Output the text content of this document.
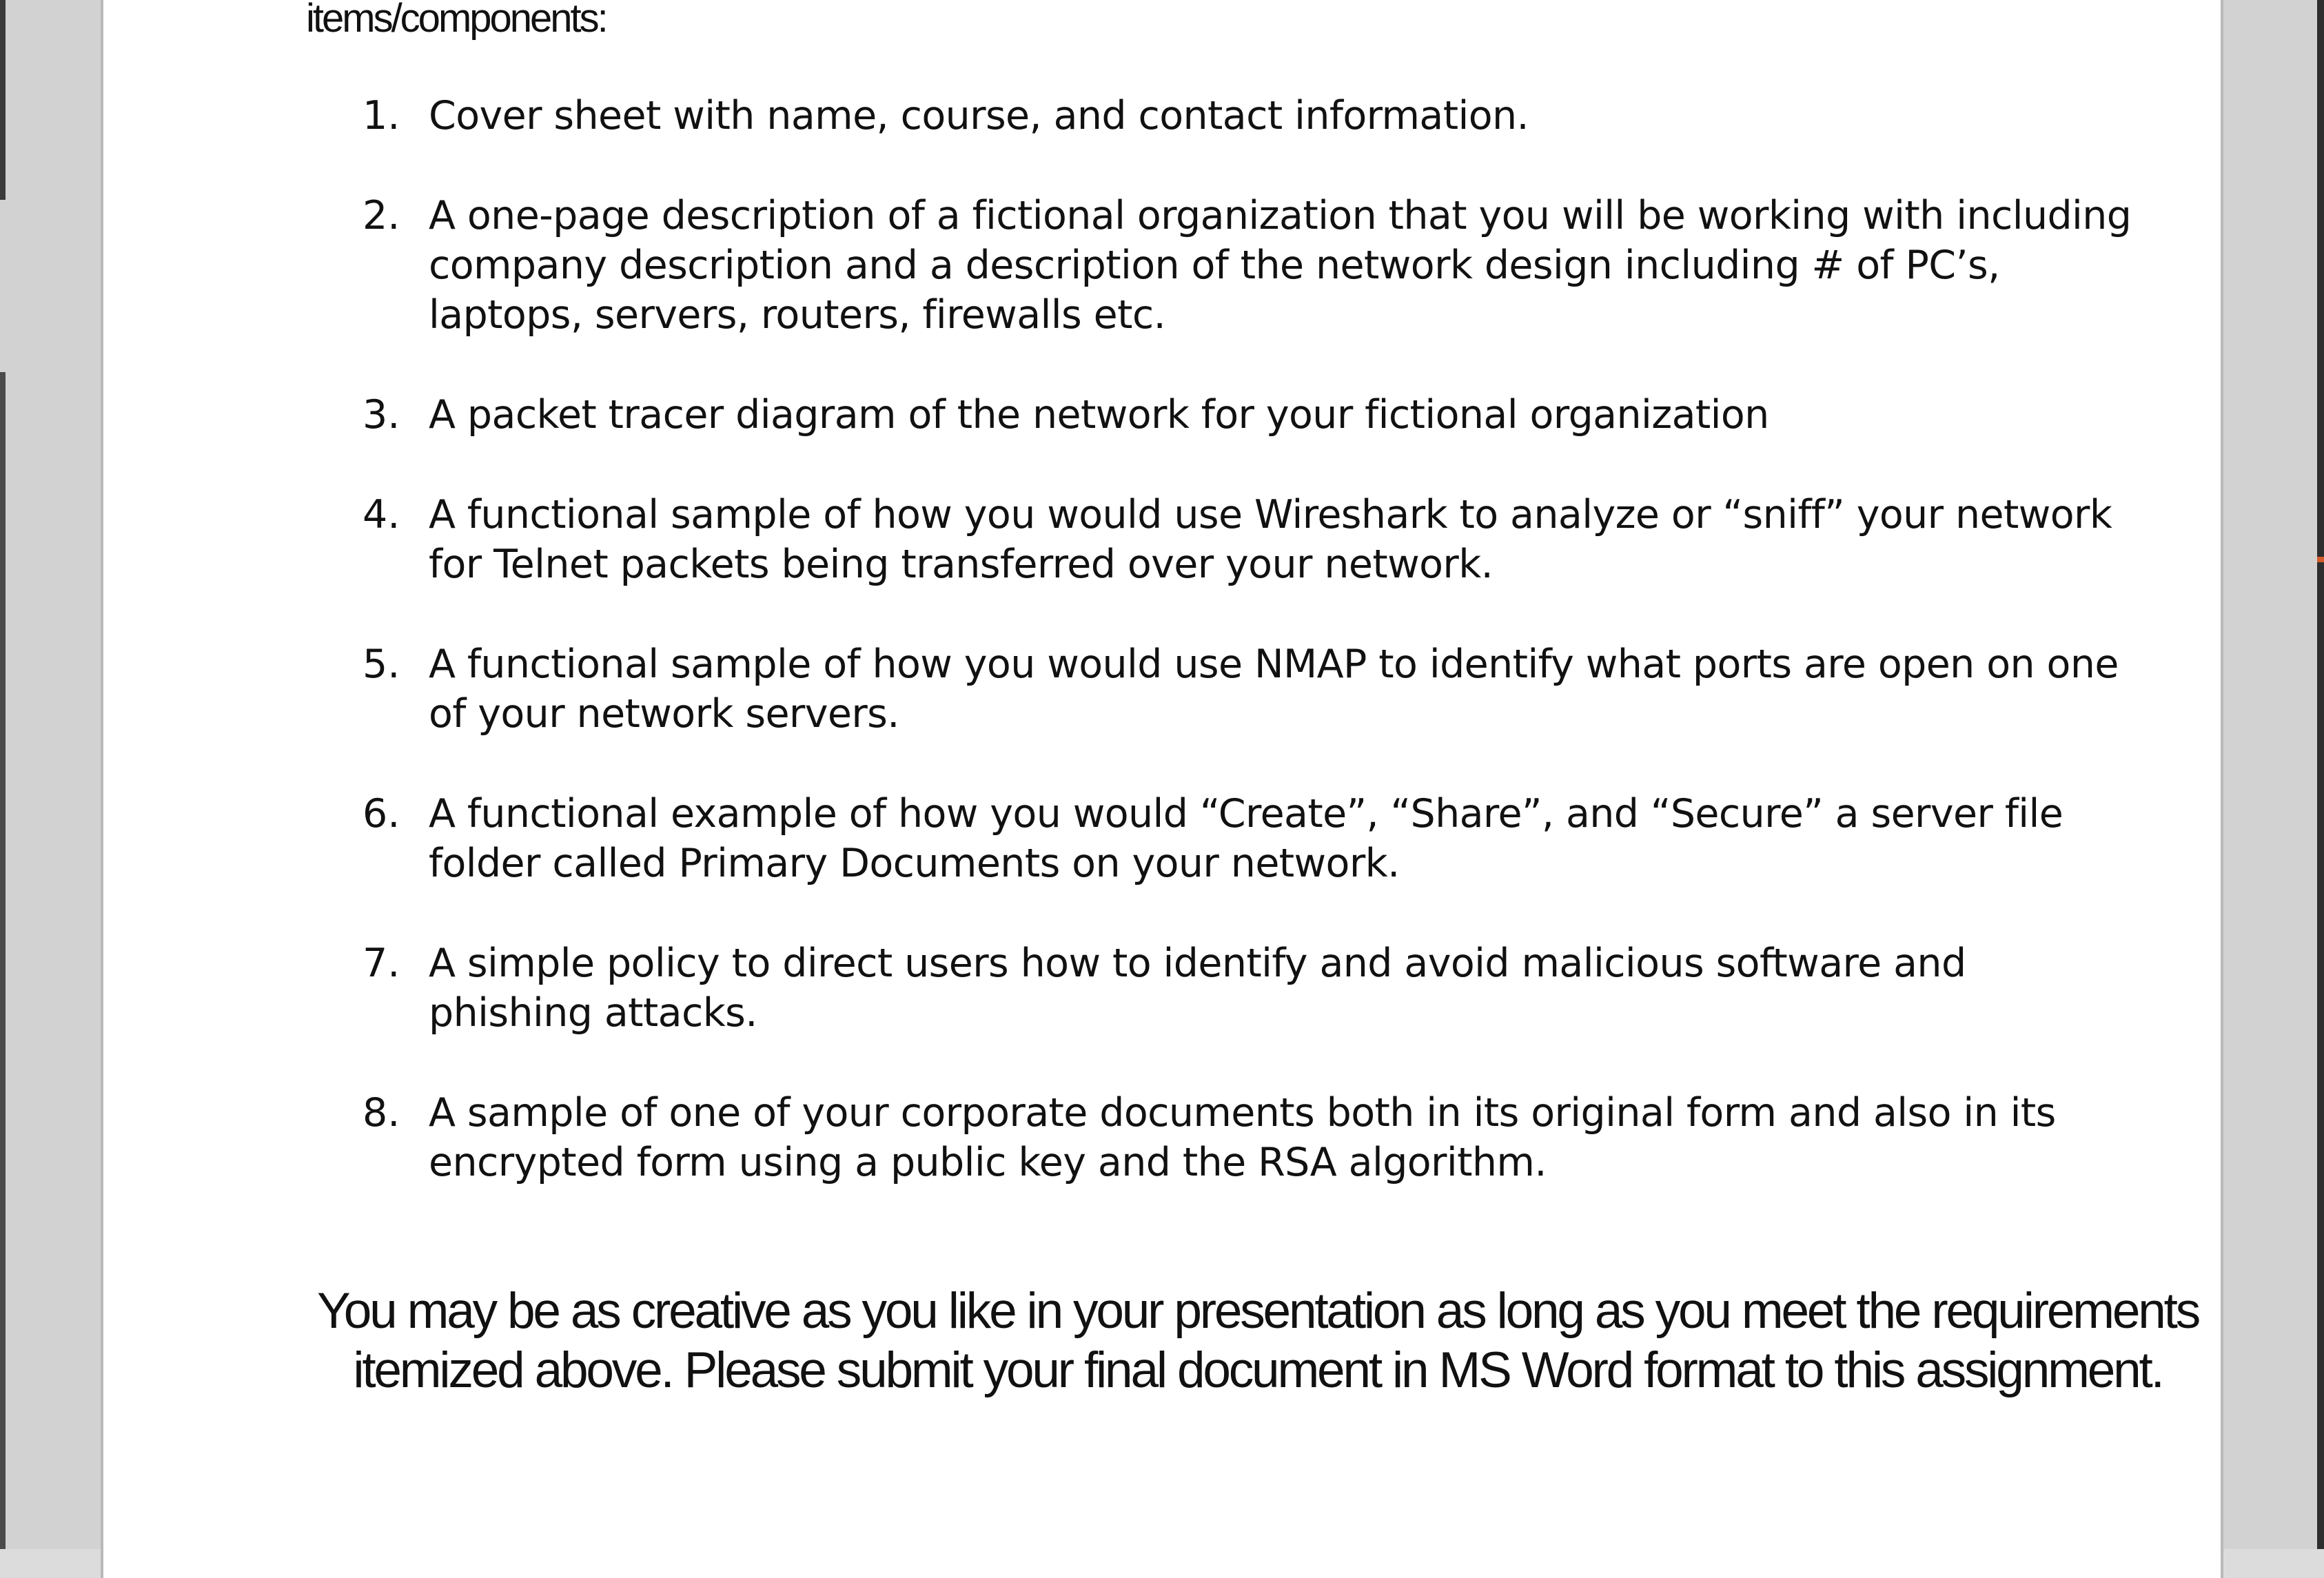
items/components:
1. Cover sheet with name, course, and contact information.
2. A one-page description of a fictional organization that you will be working with including company description and a description of the network design including # of PC’s, laptops, servers, routers, firewalls etc.
3. A packet tracer diagram of the network for your fictional organization
4. A functional sample of how you would use Wireshark to analyze or “sniff” your network for Telnet packets being transferred over your network.
5. A functional sample of how you would use NMAP to identify what ports are open on one of your network servers.
6. A functional example of how you would “Create”, “Share”, and “Secure” a server file folder called Primary Documents on your network.
7. A simple policy to direct users how to identify and avoid malicious software and phishing attacks.
8. A sample of one of your corporate documents both in its original form and also in its encrypted form using a public key and the RSA algorithm.
You may be as creative as you like in your presentation as long as you meet the requirements itemized above. Please submit your final document in MS Word format to this assignment.
